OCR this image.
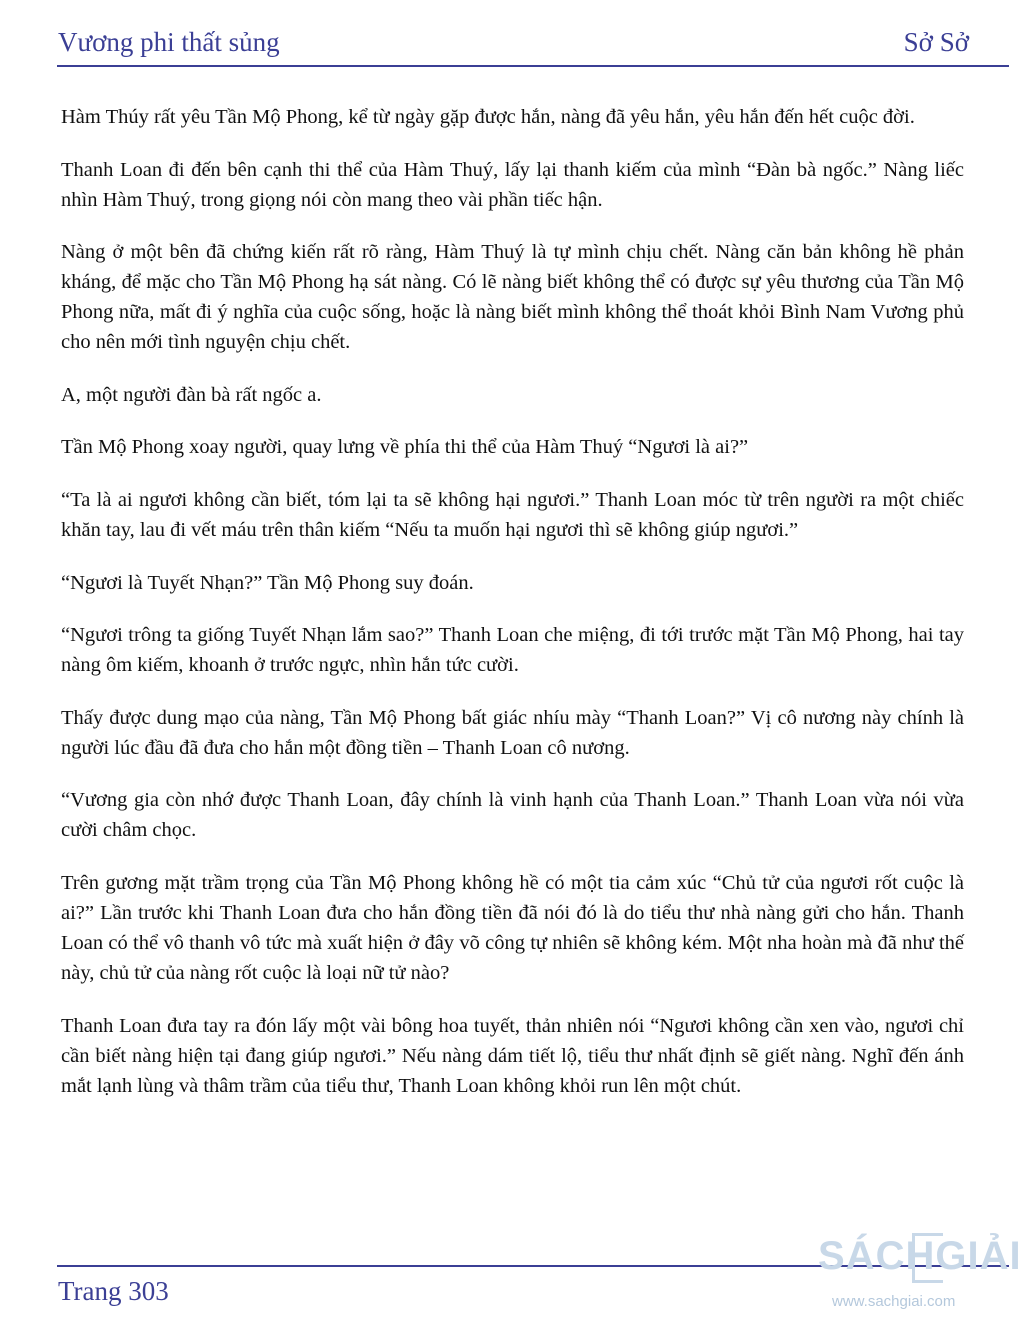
Vương phi thất sủng	Sở Sở

Hàm Thúy rất yêu Tần Mộ Phong, kể từ ngày gặp được hắn, nàng đã yêu hắn, yêu hắn đến hết cuộc đời.

Thanh Loan đi đến bên cạnh thi thể của Hàm Thuý, lấy lại thanh kiếm của mình “Đàn bà ngốc.” Nàng liếc nhìn Hàm Thuý, trong giọng nói còn mang theo vài phần tiếc hận.

Nàng ở một bên đã chứng kiến rất rõ ràng, Hàm Thuý là tự mình chịu chết. Nàng căn bản không hề phản kháng, để mặc cho Tần Mộ Phong hạ sát nàng. Có lẽ nàng biết không thể có được sự yêu thương của Tần Mộ Phong nữa, mất đi ý nghĩa của cuộc sống, hoặc là nàng biết mình không thể thoát khỏi Bình Nam Vương phủ cho nên mới tình nguyện chịu chết.

A, một người đàn bà rất ngốc a.

Tần Mộ Phong xoay người, quay lưng về phía thi thể của Hàm Thuý “Ngươi là ai?”

“Ta là ai ngươi không cần biết, tóm lại ta sẽ không hại ngươi.” Thanh Loan móc từ trên người ra một chiếc khăn tay, lau đi vết máu trên thân kiếm “Nếu ta muốn hại ngươi thì sẽ không giúp ngươi.”

“Ngươi là Tuyết Nhạn?” Tần Mộ Phong suy đoán.

“Ngươi trông ta giống Tuyết Nhạn lắm sao?” Thanh Loan che miệng, đi tới trước mặt Tần Mộ Phong, hai tay nàng ôm kiếm, khoanh ở trước ngực, nhìn hắn tức cười.

Thấy được dung mạo của nàng, Tần Mộ Phong bất giác nhíu mày “Thanh Loan?” Vị cô nương này chính là người lúc đầu đã đưa cho hắn một đồng tiền – Thanh Loan cô nương.

“Vương gia còn nhớ được Thanh Loan, đây chính là vinh hạnh của Thanh Loan.” Thanh Loan vừa nói vừa cười châm chọc.

Trên gương mặt trầm trọng của Tần Mộ Phong không hề có một tia cảm xúc “Chủ tử của ngươi rốt cuộc là ai?” Lần trước khi Thanh Loan đưa cho hắn đồng tiền đã nói đó là do tiểu thư nhà nàng gửi cho hắn. Thanh Loan có thể vô thanh vô tức mà xuất hiện ở đây võ công tự nhiên sẽ không kém. Một nha hoàn mà đã như thế này, chủ tử của nàng rốt cuộc là loại nữ tử nào?

Thanh Loan đưa tay ra đón lấy một vài bông hoa tuyết, thản nhiên nói “Ngươi không cần xen vào, ngươi chỉ cần biết nàng hiện tại đang giúp ngươi.” Nếu nàng dám tiết lộ, tiểu thư nhất định sẽ giết nàng. Nghĩ đến ánh mắt lạnh lùng và thâm trầm của tiểu thư, Thanh Loan không khỏi run lên một chút.

Trang 303
SÁCHGIẢI
www.sachgiai.com
